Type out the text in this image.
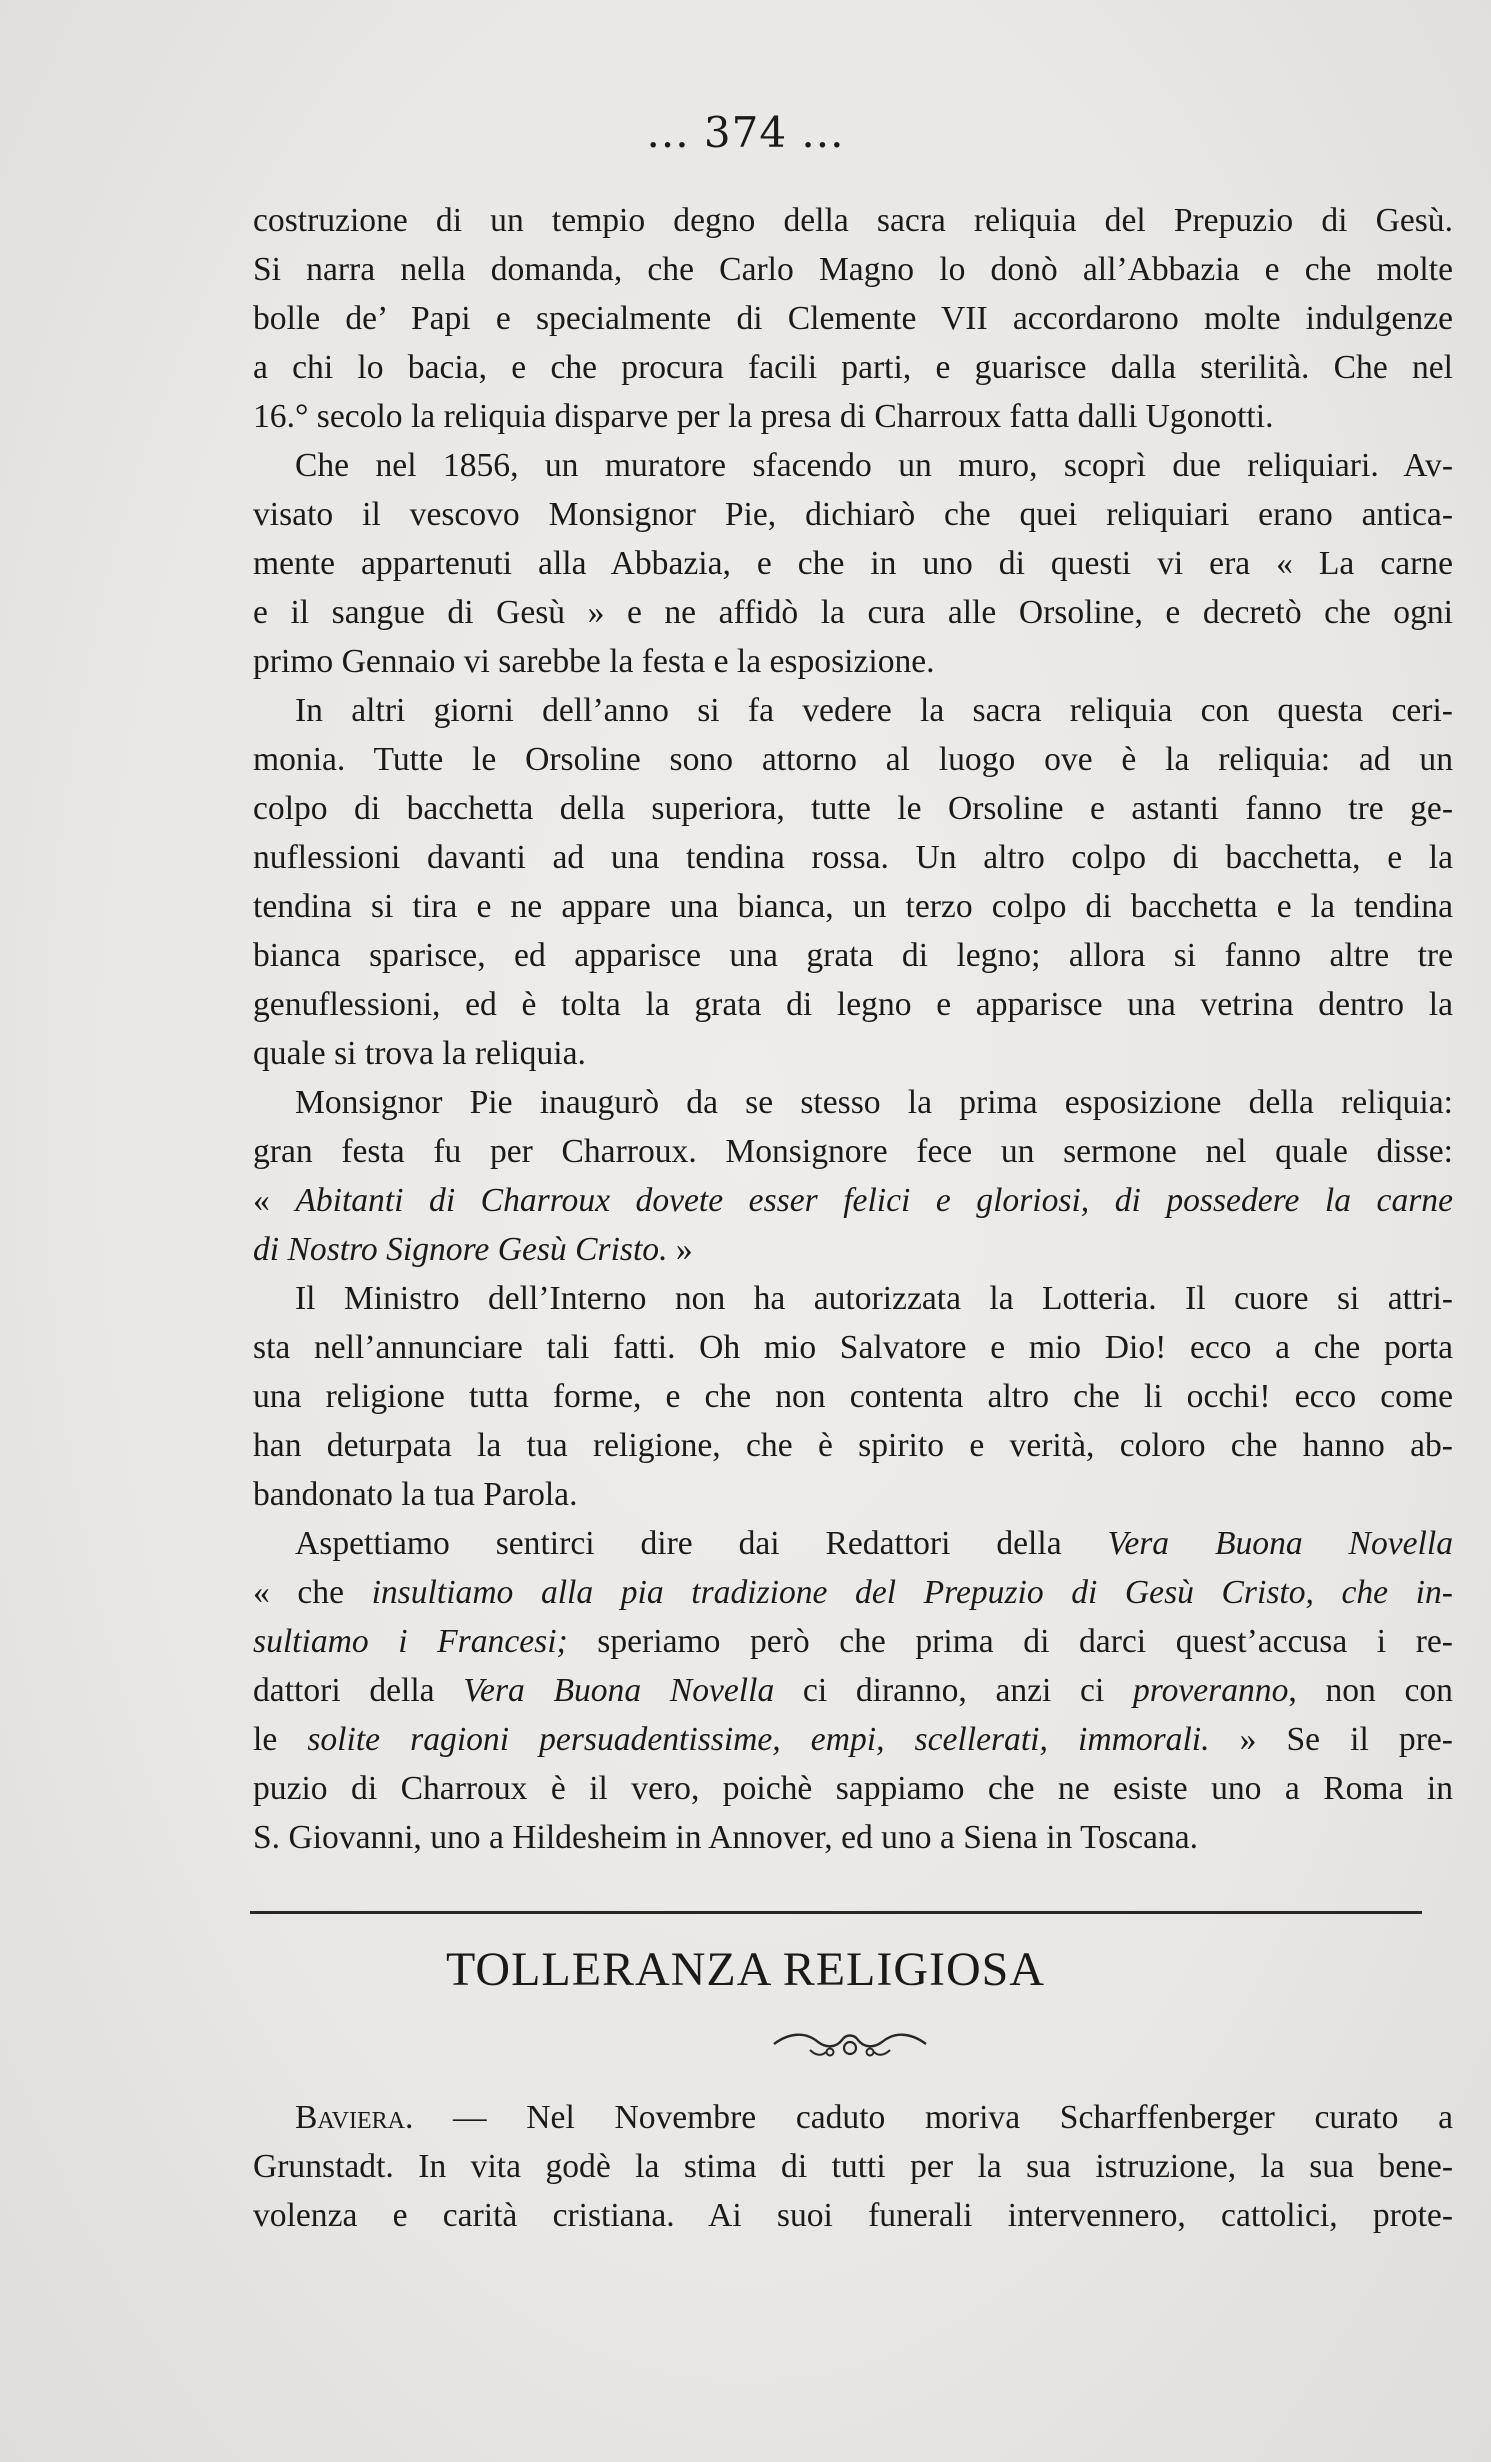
... 374 ...
costruzione di un tempio degno della sacra reliquia del Prepuzio di Gesù.
Si narra nella domanda, che Carlo Magno lo donò all’Abbazia e che molte
bolle de’ Papi e specialmente di Clemente VII accordarono molte indulgenze
a chi lo bacia, e che procura facili parti, e guarisce dalla sterilità. Che nel
16.° secolo la reliquia disparve per la presa di Charroux fatta dalli Ugonotti.
Che nel 1856, un muratore sfacendo un muro, scoprì due reliquiari. Av-
visato il vescovo Monsignor Pie, dichiarò che quei reliquiari erano antica-
mente appartenuti alla Abbazia, e che in uno di questi vi era « La carne
e il sangue di Gesù » e ne affidò la cura alle Orsoline, e decretò che ogni
primo Gennaio vi sarebbe la festa e la esposizione.
In altri giorni dell’anno si fa vedere la sacra reliquia con questa ceri-
monia. Tutte le Orsoline sono attorno al luogo ove è la reliquia: ad un
colpo di bacchetta della superiora, tutte le Orsoline e astanti fanno tre ge-
nuflessioni davanti ad una tendina rossa. Un altro colpo di bacchetta, e la
tendina si tira e ne appare una bianca, un terzo colpo di bacchetta e la tendina
bianca sparisce, ed apparisce una grata di legno; allora si fanno altre tre
genuflessioni, ed è tolta la grata di legno e apparisce una vetrina dentro la
quale si trova la reliquia.
Monsignor Pie inaugurò da se stesso la prima esposizione della reliquia:
gran festa fu per Charroux. Monsignore fece un sermone nel quale disse:
« Abitanti di Charroux dovete esser felici e gloriosi, di possedere la carne
di Nostro Signore Gesù Cristo. »
Il Ministro dell’Interno non ha autorizzata la Lotteria. Il cuore si attri-
sta nell’annunciare tali fatti. Oh mio Salvatore e mio Dio! ecco a che porta
una religione tutta forme, e che non contenta altro che li occhi! ecco come
han deturpata la tua religione, che è spirito e verità, coloro che hanno ab-
bandonato la tua Parola.
Aspettiamo sentirci dire dai Redattori della Vera Buona Novella
« che insultiamo alla pia tradizione del Prepuzio di Gesù Cristo, che in-
sultiamo i Francesi; speriamo però che prima di darci quest’accusa i re-
dattori della Vera Buona Novella ci diranno, anzi ci proveranno, non con
le solite ragioni persuadentissime, empi, scellerati, immorali. » Se il pre-
puzio di Charroux è il vero, poichè sappiamo che ne esiste uno a Roma in
S. Giovanni, uno a Hildesheim in Annover, ed uno a Siena in Toscana.
TOLLERANZA RELIGIOSA
Baviera. — Nel Novembre caduto moriva Scharffenberger curato a
Grunstadt. In vita godè la stima di tutti per la sua istruzione, la sua bene-
volenza e carità cristiana. Ai suoi funerali intervennero, cattolici, prote-
